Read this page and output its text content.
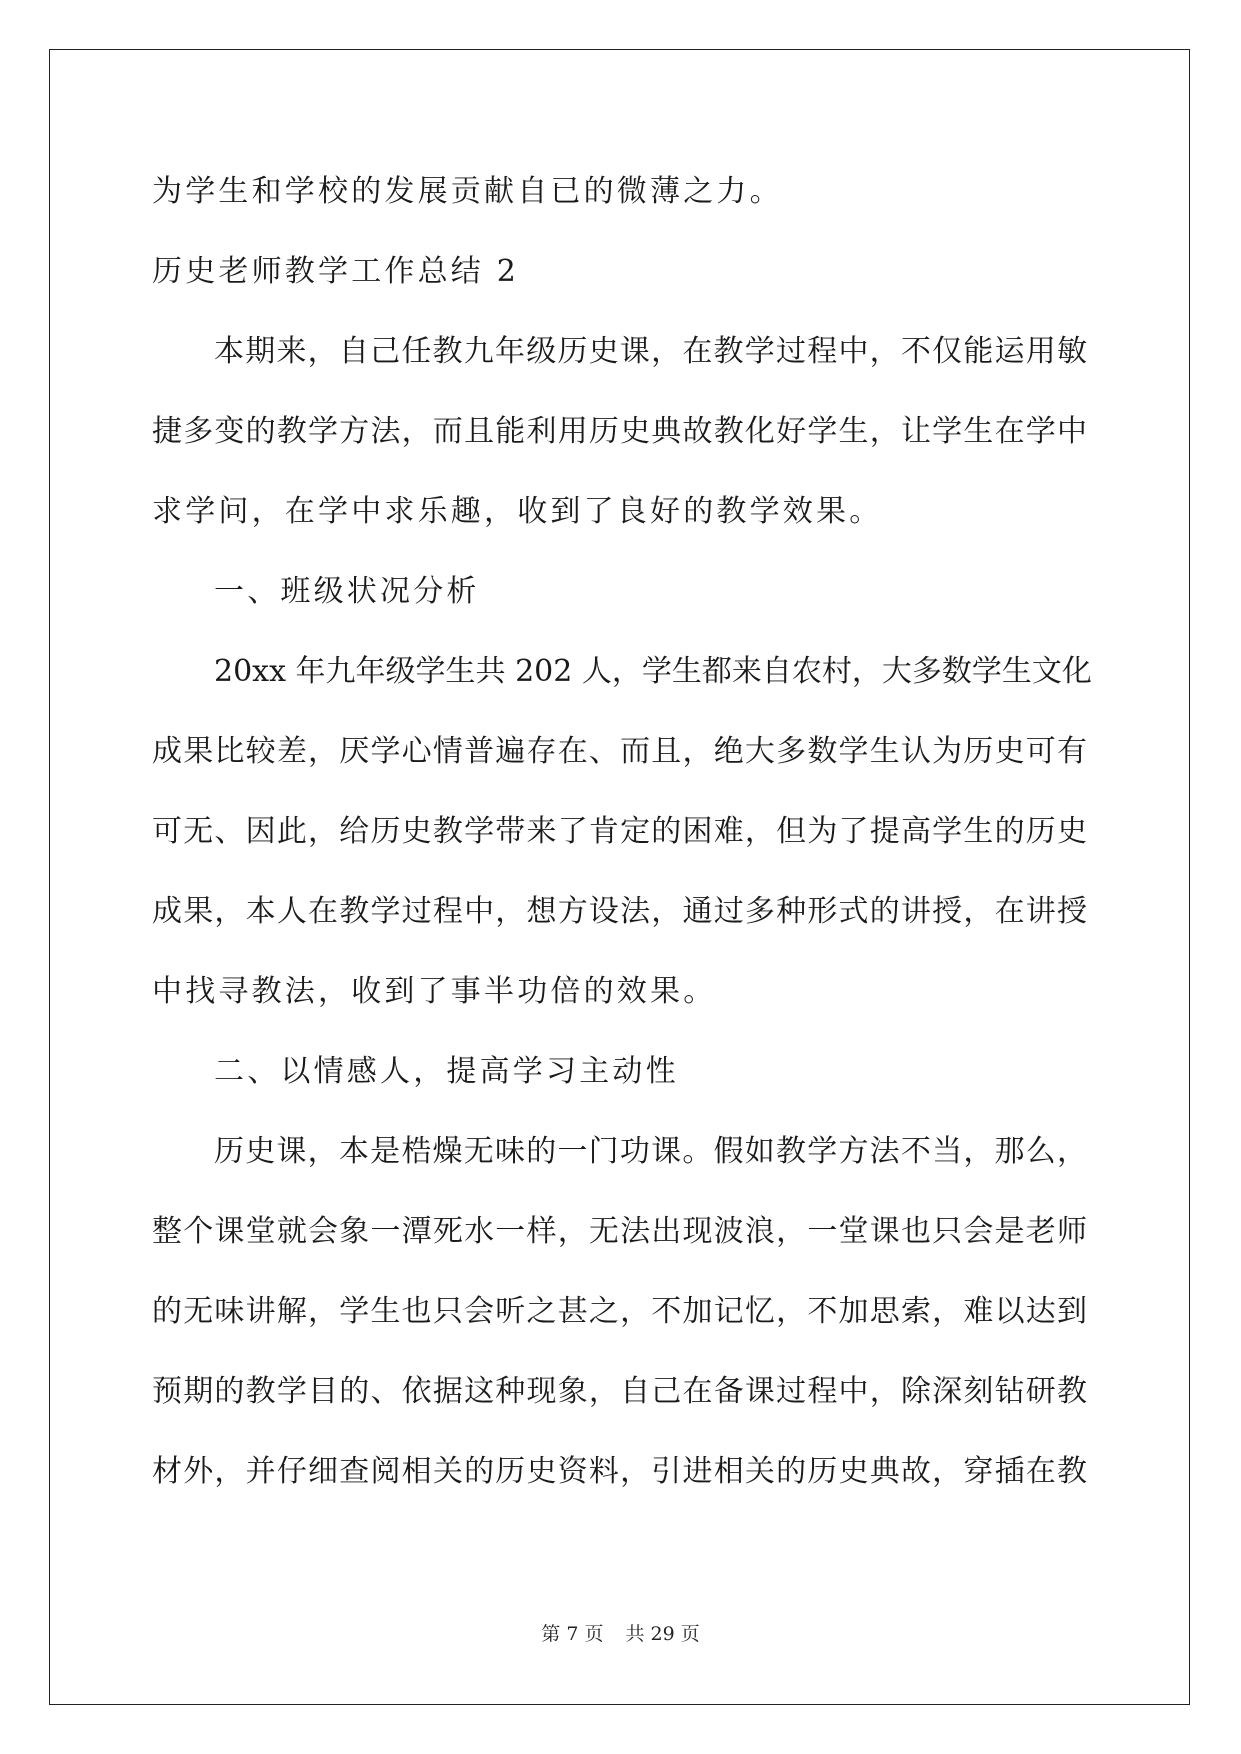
为学生和学校的发展贡献自已的微薄之力。
历史老师教学工作总结 2
本期来，自己任教九年级历史课，在教学过程中，不仅能运用敏
捷多变的教学方法，而且能利用历史典故教化好学生，让学生在学中
求学问，在学中求乐趣，收到了良好的教学效果。
一、班级状况分析
20xx 年九年级学生共 202 人，学生都来自农村，大多数学生文化
成果比较差，厌学心情普遍存在、而且，绝大多数学生认为历史可有
可无、因此，给历史教学带来了肯定的困难，但为了提高学生的历史
成果，本人在教学过程中，想方设法，通过多种形式的讲授，在讲授
中找寻教法，收到了事半功倍的效果。
二、以情感人，提高学习主动性
历史课，本是梏燥无味的一门功课。假如教学方法不当，那么，
整个课堂就会象一潭死水一样，无法出现波浪，一堂课也只会是老师
的无味讲解，学生也只会听之甚之，不加记忆，不加思索，难以达到
预期的教学目的、依据这种现象，自己在备课过程中，除深刻钻研教
材外，并仔细查阅相关的历史资料，引进相关的历史典故，穿插在教
第 7 页 共 29 页
